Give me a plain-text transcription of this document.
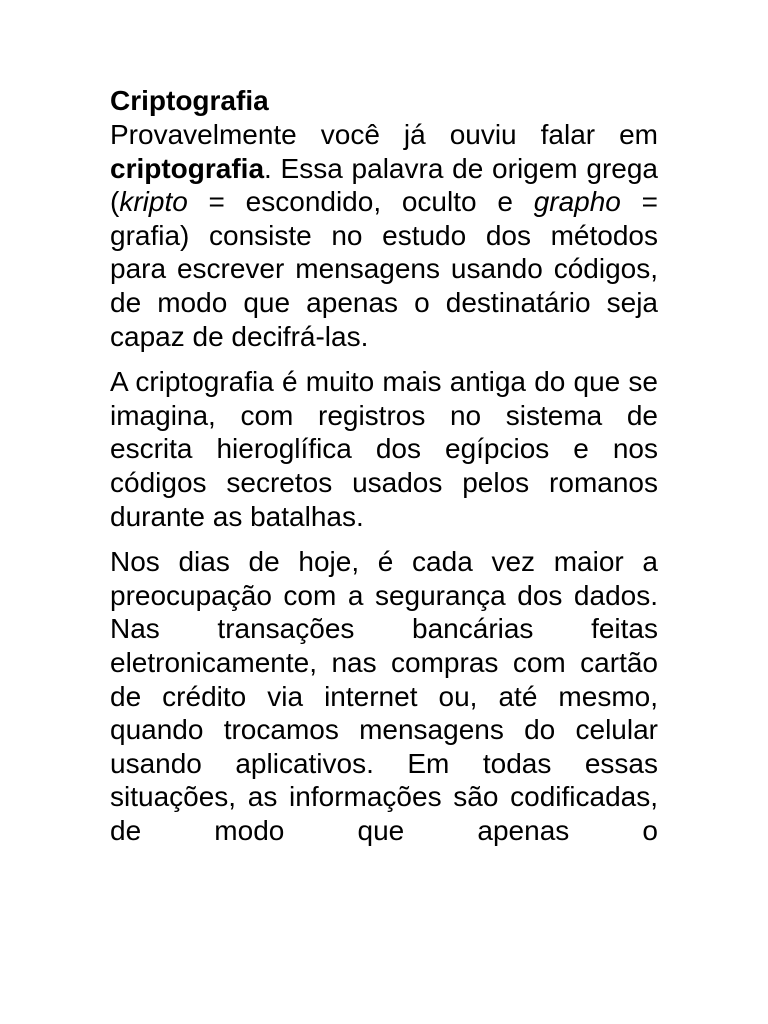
Criptografia

Provavelmente você já ouviu falar em criptografia. Essa palavra de origem grega (kripto = escondido, oculto e grapho = grafia) consiste no estudo dos métodos para escrever mensagens usando códigos, de modo que apenas o destinatário seja capaz de decifrá-las.

A criptografia é muito mais antiga do que se imagina, com registros no sistema de escrita hieroglífica dos egípcios e nos códigos secretos usados pelos romanos durante as batalhas.

Nos dias de hoje, é cada vez maior a preocupação com a segurança dos dados. Nas transações bancárias feitas eletronicamente, nas compras com cartão de crédito via internet ou, até mesmo, quando trocamos mensagens do celular usando aplicativos. Em todas essas situações, as informações são codificadas, de modo que apenas o
